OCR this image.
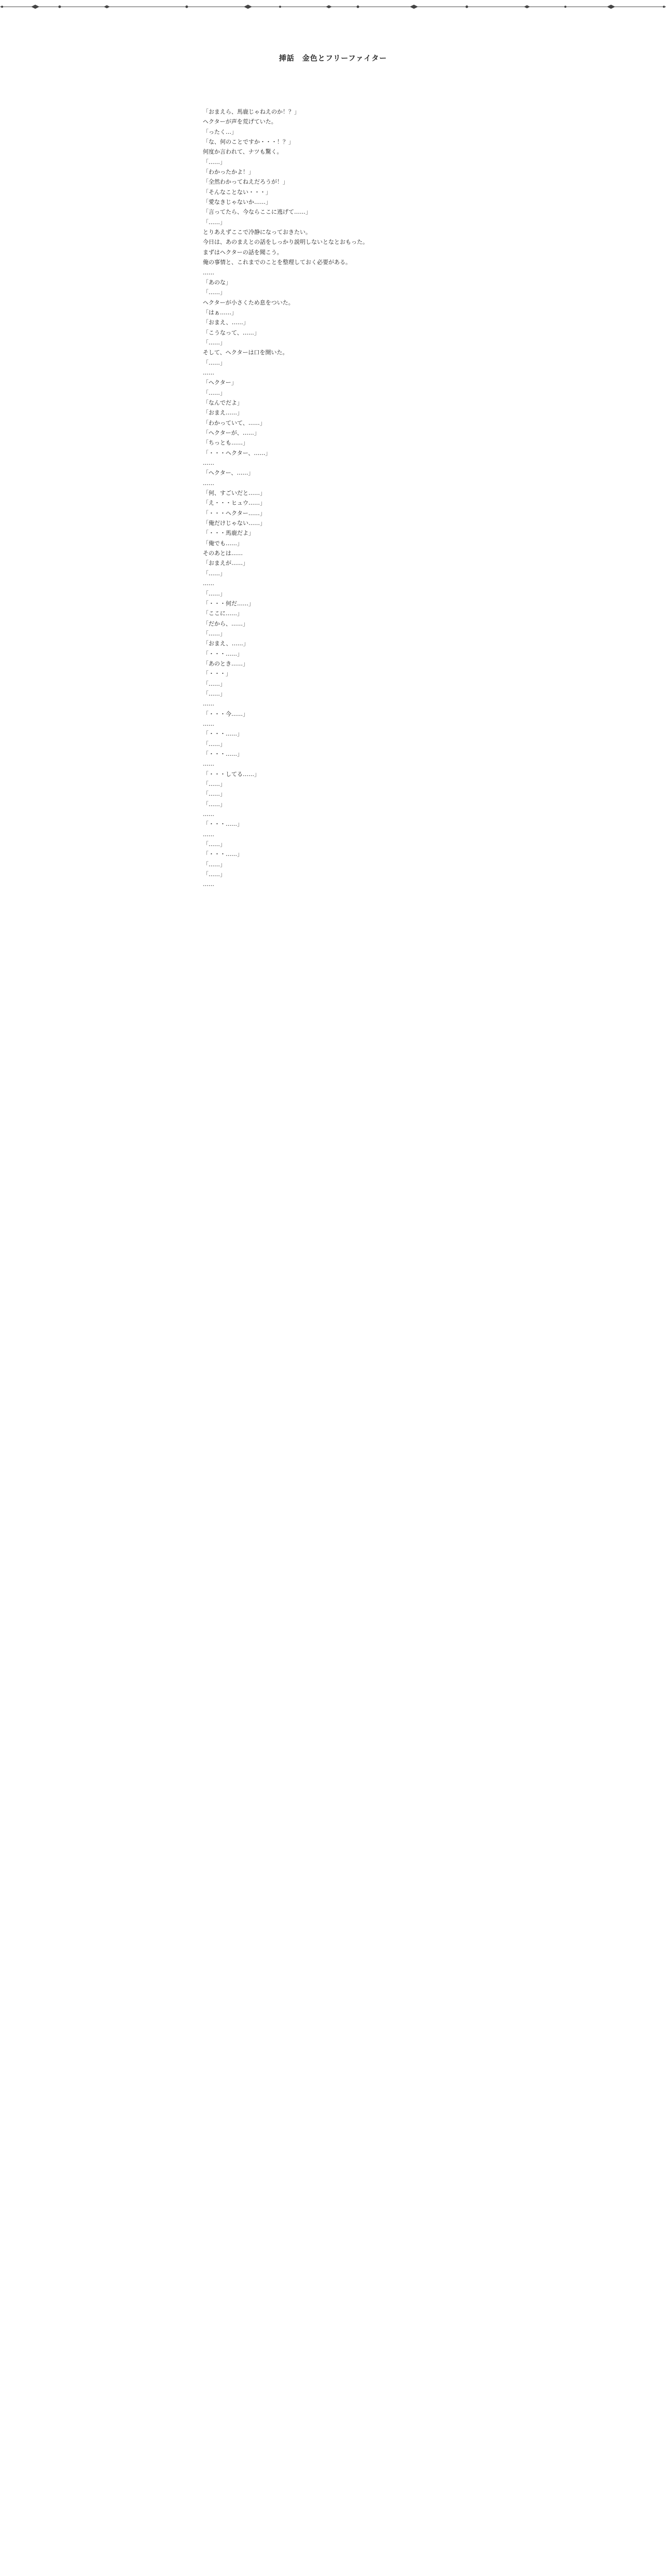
挿話　金色とフリーファイター
「おまえら、馬鹿じゃねえのか！？」
ヘクターが声を荒げていた。
「ったく…」
「な、何のことですか・・・！？」
何度か言われて、ナツも驚く。
「……」
「わかったかよ！」
「全然わかってねえだろうが！」
「そんなことない・・・」
「愛なきじゃないか……」
「言ってたら、今ならここに逃げて……」
「……」
とりあえずここで冷静になっておきたい。
今日は、あのまえとの話をしっかり説明しないとなとおもった。
まずはヘクターの話を聞こう。
俺の事情と、これまでのことを整理しておく必要がある。
……
「あのな」
「……」
ヘクターが小さくため息をついた。
「はぁ……」
「おまえ、……」
「こうなって、……」
「……」
そして、ヘクターは口を開いた。
「……」
……
「ヘクター」
「……」
「なんでだよ」
「おまえ……」
「わかっていて、……」
「ヘクターが、……」
「ちっとも……」
「・・・ヘクター、……」
……
「ヘクター、……」
……
「何、すごいだと……」
「え・・・ヒュウ……」
「・・・ヘクター……」
「俺だけじゃない……」
「・・・馬鹿だよ」
「俺でも……」
そのあとは……
「おまえが……」
「……」
……
「……」
「・・・何だ……」
「ここに……」
「だから、……」
「……」
「おまえ、……」
「・・・……」
「あのとき……」
「・・・」
「……」
「……」
……
「・・・今……」
……
「・・・……」
「……」
「・・・……」
……
「・・・してる……」
「……」
「……」
「……」
……
「・・・……」
……
「……」
「・・・……」
「……」
「……」
……
